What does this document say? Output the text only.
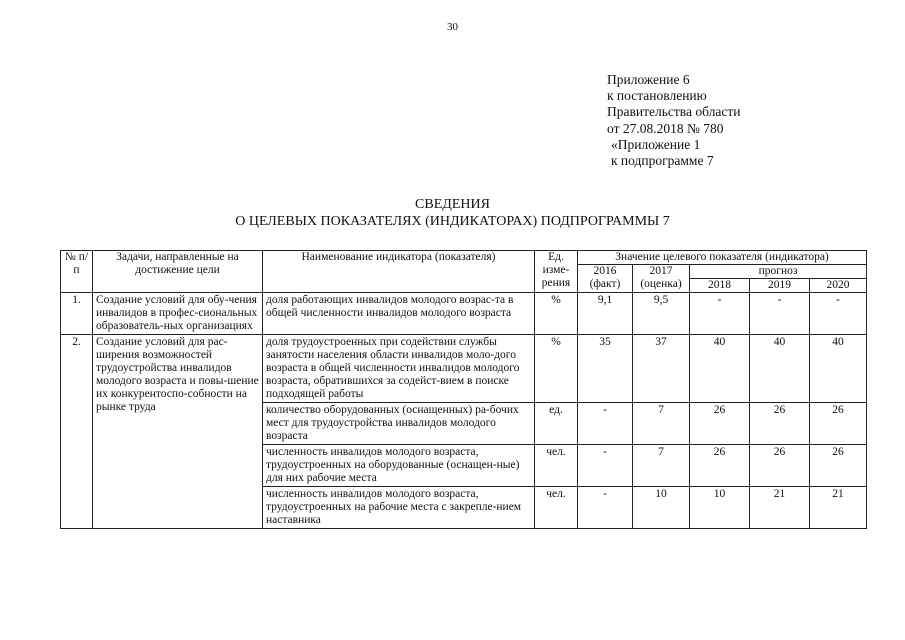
30
Приложение 6
к постановлению
Правительства области
от 27.08.2018 № 780
«Приложение 1
к подпрограмме 7
СВЕДЕНИЯ
О ЦЕЛЕВЫХ ПОКАЗАТЕЛЯХ (ИНДИКАТОРАХ) ПОДПРОГРАММЫ 7
№ п/п	Задачи, направленные на достижение цели	Наименование индикатора (показателя)	Ед. изме-рения	Значение целевого показателя (индикатора)				
				2016 (факт)	2017 (оценка)	прогноз		
						2018	2019	2020
1.	Создание условий для обу-чения инвалидов в профес-сиональных образователь-ных организациях	доля работающих инвалидов молодого возрас-та в общей численности инвалидов молодого возраста	%	9,1	9,5	-	-	-
2.	Создание условий для рас-ширения возможностей трудоустройства инвалидов молодого возраста и повы-шение их конкурентоспо-собности на рынке труда	доля трудоустроенных при содействии службы занятости населения области инвалидов моло-дого возраста в общей численности инвалидов молодого возраста, обратившихся за содейст-вием в поиске подходящей работы	%	35	37	40	40	40
		количество оборудованных (оснащенных) ра-бочих мест для трудоустройства инвалидов молодого возраста	ед.	-	7	26	26	26
		численность инвалидов молодого возраста, трудоустроенных на оборудованные (оснащен-ные) для них рабочие места	чел.	-	7	26	26	26
		численность инвалидов молодого возраста, трудоустроенных на рабочие места с закрепле-нием наставника	чел.	-	10	10	21	21
